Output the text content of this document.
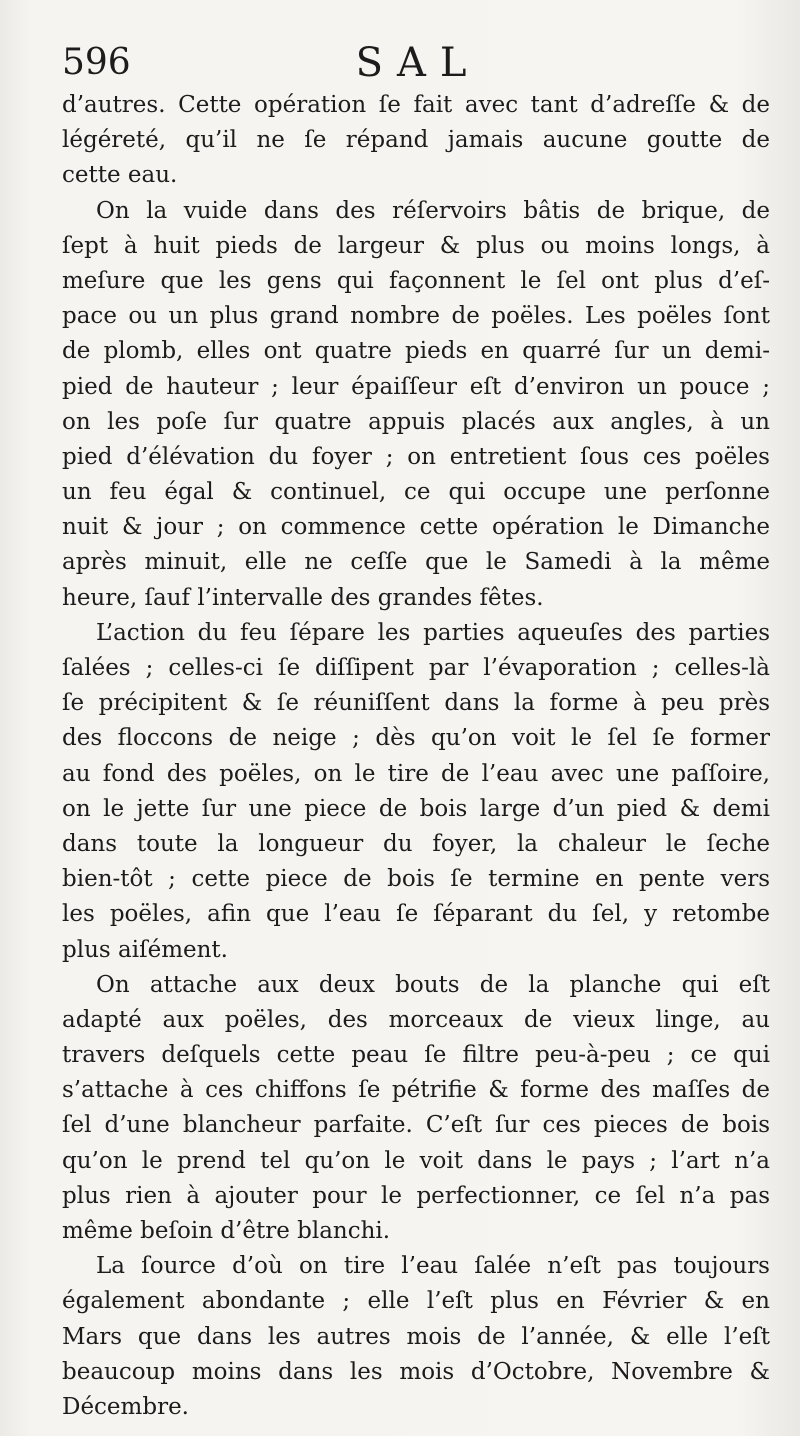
596	SAL
d’autres. Cette opération ſe fait avec tant d’adreſſe & de
légéreté, qu’il ne ſe répand jamais aucune goutte de
cette eau.
On la vuide dans des réſervoirs bâtis de brique, de
ſept à huit pieds de largeur & plus ou moins longs, à
meſure que les gens qui façonnent le ſel ont plus d’eſ-
pace ou un plus grand nombre de poëles. Les poëles ſont
de plomb, elles ont quatre pieds en quarré ſur un demi-
pied de hauteur ; leur épaiſſeur eſt d’environ un pouce ;
on les poſe ſur quatre appuis placés aux angles, à un
pied d’élévation du foyer ; on entretient ſous ces poëles
un feu égal & continuel, ce qui occupe une perſonne
nuit & jour ; on commence cette opération le Dimanche
après minuit, elle ne ceſſe que le Samedi à la même
heure, ſauf l’intervalle des grandes fêtes.
L’action du feu ſépare les parties aqueuſes des parties
ſalées ; celles-ci ſe diſſipent par l’évaporation ; celles-là
ſe précipitent & ſe réuniſſent dans la forme à peu près
des floccons de neige ; dès qu’on voit le ſel ſe former
au fond des poëles, on le tire de l’eau avec une paſſoire,
on le jette ſur une piece de bois large d’un pied & demi
dans toute la longueur du foyer, la chaleur le ſeche
bien-tôt ; cette piece de bois ſe termine en pente vers
les poëles, afin que l’eau ſe ſéparant du ſel, y retombe
plus aiſément.
On attache aux deux bouts de la planche qui eſt
adapté aux poëles, des morceaux de vieux linge, au
travers deſquels cette peau ſe filtre peu-à-peu ; ce qui
s’attache à ces chiffons ſe pétrifie & forme des maſſes de
ſel d’une blancheur parfaite. C’eſt ſur ces pieces de bois
qu’on le prend tel qu’on le voit dans le pays ; l’art n’a
plus rien à ajouter pour le perfectionner, ce ſel n’a pas
même beſoin d’être blanchi.
La ſource d’où on tire l’eau ſalée n’eſt pas toujours
également abondante ; elle l’eſt plus en Février & en
Mars que dans les autres mois de l’année, & elle l’eſt
beaucoup moins dans les mois d’Octobre, Novembre &
Décembre.
